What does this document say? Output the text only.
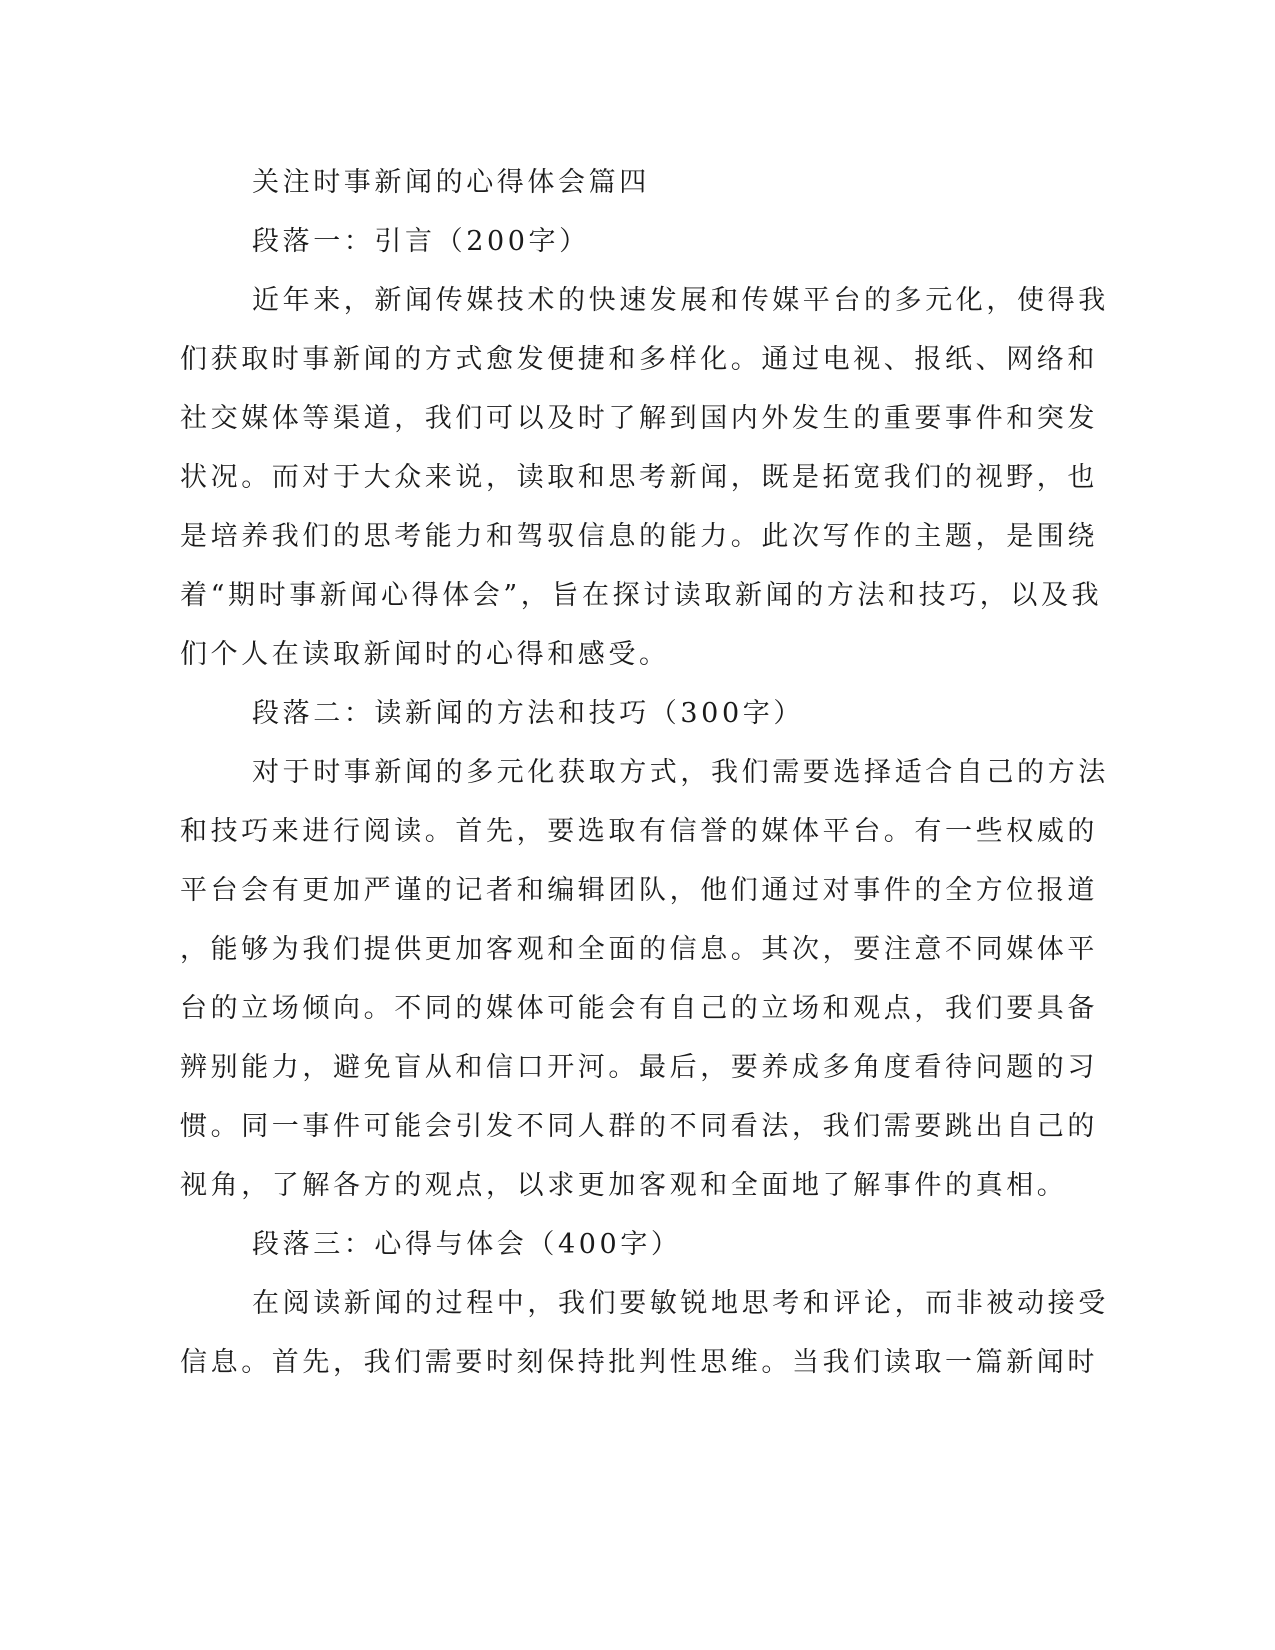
关注时事新闻的心得体会篇四

段落一：引言（200字）

近年来，新闻传媒技术的快速发展和传媒平台的多元化，使得我

们获取时事新闻的方式愈发便捷和多样化。通过电视、报纸、网络和

社交媒体等渠道，我们可以及时了解到国内外发生的重要事件和突发

状况。而对于大众来说，读取和思考新闻，既是拓宽我们的视野，也

是培养我们的思考能力和驾驭信息的能力。此次写作的主题，是围绕

着“期时事新闻心得体会”，旨在探讨读取新闻的方法和技巧，以及我

们个人在读取新闻时的心得和感受。

段落二：读新闻的方法和技巧（300字）

对于时事新闻的多元化获取方式，我们需要选择适合自己的方法

和技巧来进行阅读。首先，要选取有信誉的媒体平台。有一些权威的

平台会有更加严谨的记者和编辑团队，他们通过对事件的全方位报道

，能够为我们提供更加客观和全面的信息。其次，要注意不同媒体平

台的立场倾向。不同的媒体可能会有自己的立场和观点，我们要具备

辨别能力，避免盲从和信口开河。最后，要养成多角度看待问题的习

惯。同一事件可能会引发不同人群的不同看法，我们需要跳出自己的

视角，了解各方的观点，以求更加客观和全面地了解事件的真相。

段落三：心得与体会（400字）

在阅读新闻的过程中，我们要敏锐地思考和评论，而非被动接受

信息。首先，我们需要时刻保持批判性思维。当我们读取一篇新闻时
